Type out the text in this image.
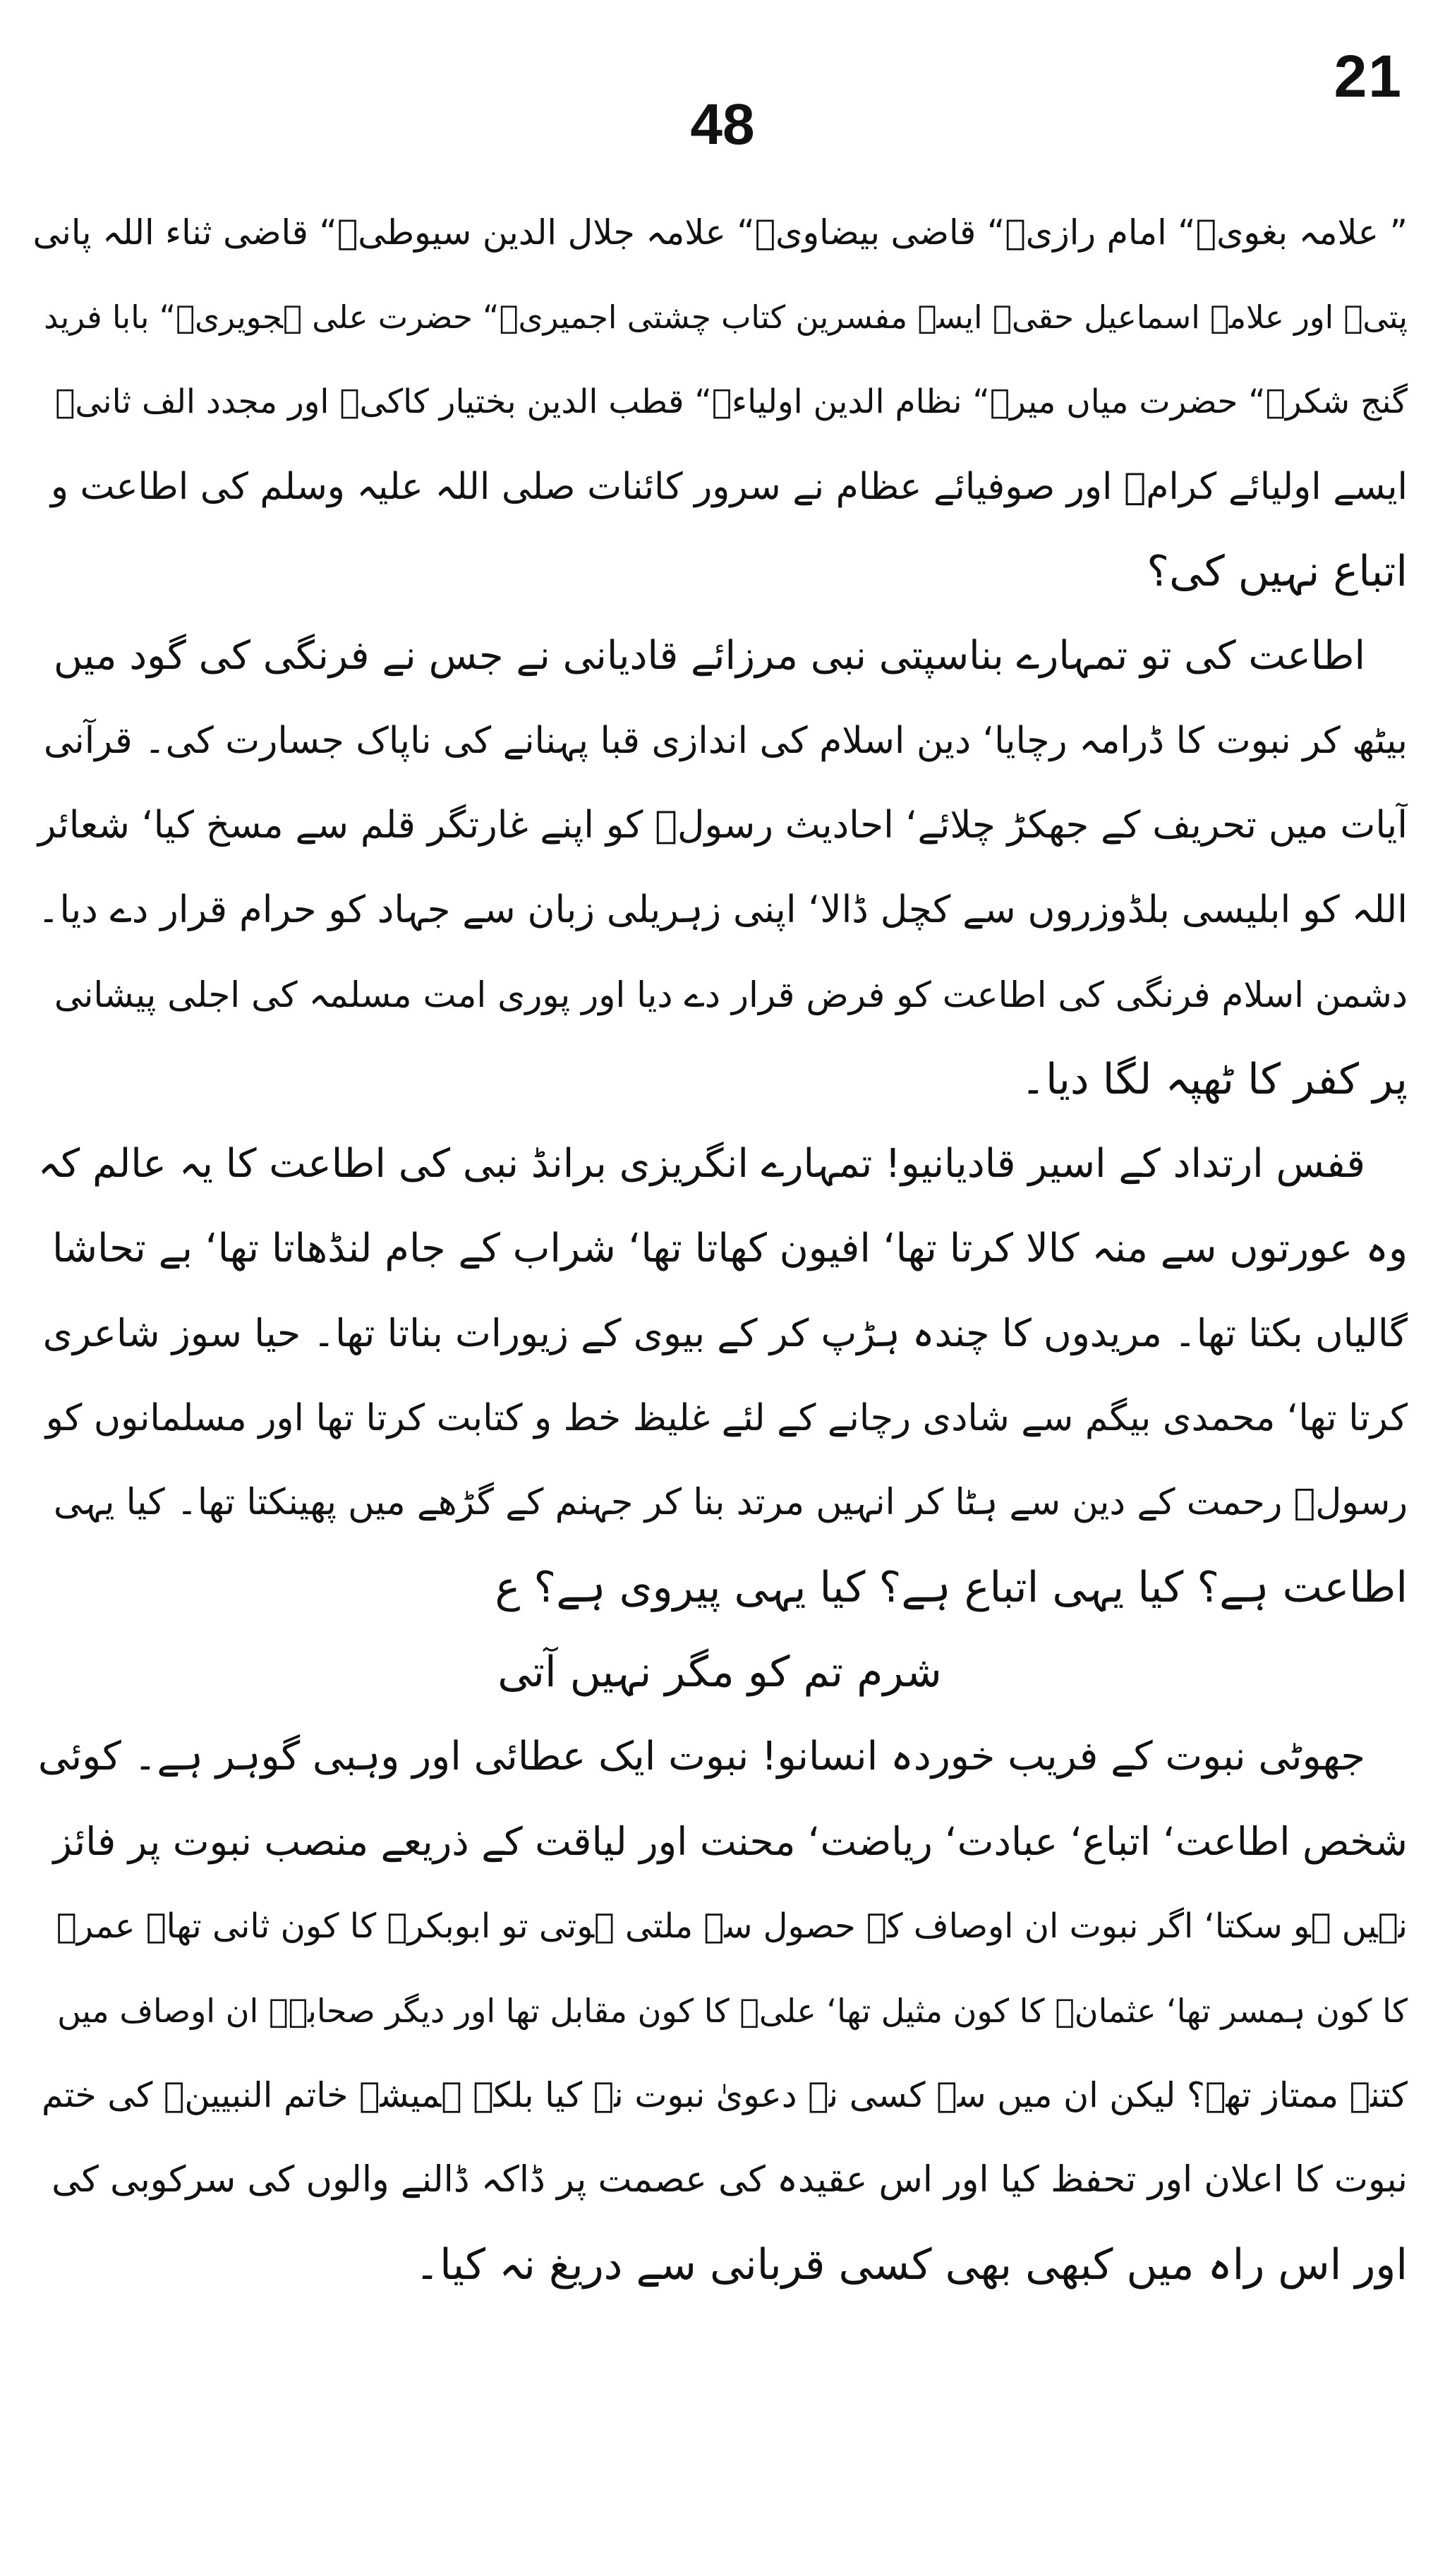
21
48
” علامہ بغویؒ“ امام رازیؒ“ قاضی بیضاویؒ“ علامہ جلال الدین سیوطیؒ“ قاضی ثناء اللہ پانی
پتیؒ اور علامہ اسماعیل حقیؒ ایسے مفسرین کتاب چشتی اجمیریؒ“ حضرت علی ہجویریؒ“ بابا فرید
گنج شکرؒ“ حضرت میاں میرؒ“ نظام الدین اولیاءؒ“ قطب الدین بختیار کاکیؒ اور مجدد الف ثانیؒ
ایسے اولیائے کرامؒ اور صوفیائے عظام نے سرور کائنات صلی اللہ علیہ وسلم کی اطاعت و
اتباع نہیں کی؟
اطاعت کی تو تمہارے بناسپتی نبی مرزائے قادیانی نے جس نے فرنگی کی گود میں
بیٹھ کر نبوت کا ڈرامہ رچایا‘ دین اسلام کی اندازی قبا پہنانے کی ناپاک جسارت کی۔ قرآنی
آیات میں تحریف کے جھکڑ چلائے‘ احادیث رسولؐ کو اپنے غارتگر قلم سے مسخ کیا‘ شعائر
اللہ کو ابلیسی بلڈوزروں سے کچل ڈالا‘ اپنی زہریلی زبان سے جہاد کو حرام قرار دے دیا۔
دشمن اسلام فرنگی کی اطاعت کو فرض قرار دے دیا اور پوری امت مسلمہ کی اجلی پیشانی
پر کفر کا ٹھپہ لگا دیا۔
قفس ارتداد کے اسیر قادیانیو! تمہارے انگریزی برانڈ نبی کی اطاعت کا یہ عالم کہ
وہ عورتوں سے منہ کالا کرتا تھا‘ افیون کھاتا تھا‘ شراب کے جام لنڈھاتا تھا‘ بے تحاشا
گالیاں بکتا تھا۔ مریدوں کا چندہ ہڑپ کر کے بیوی کے زیورات بناتا تھا۔ حیا سوز شاعری
کرتا تھا‘ محمدی بیگم سے شادی رچانے کے لئے غلیظ خط و کتابت کرتا تھا اور مسلمانوں کو
رسولؐ رحمت کے دین سے ہٹا کر انہیں مرتد بنا کر جہنم کے گڑھے میں پھینکتا تھا۔ کیا یہی
اطاعت ہے؟ کیا یہی اتباع ہے؟ کیا یہی پیروی ہے؟ ع
شرم تم کو مگر نہیں آتی
جھوٹی نبوت کے فریب خوردہ انسانو! نبوت ایک عطائی اور وہبی گوہر ہے۔ کوئی
شخص اطاعت‘ اتباع‘ عبادت‘ ریاضت‘ محنت اور لیاقت کے ذریعے منصب نبوت پر فائز
نہیں ہو سکتا‘ اگر نبوت ان اوصاف کے حصول سے ملتی ہوتی تو ابوبکرؓ کا کون ثانی تھا۔ عمرؓ
کا کون ہمسر تھا‘ عثمانؓ کا کون مثیل تھا‘ علیؓ کا کون مقابل تھا اور دیگر صحابہؓ ان اوصاف میں
کتنے ممتاز تھے؟ لیکن ان میں سے کسی نے دعویٰ نبوت نہ کیا بلکہ ہمیشہ خاتم النبیینؐ کی ختم
نبوت کا اعلان اور تحفظ کیا اور اس عقیدہ کی عصمت پر ڈاکہ ڈالنے والوں کی سرکوبی کی
اور اس راہ میں کبھی بھی کسی قربانی سے دریغ نہ کیا۔
